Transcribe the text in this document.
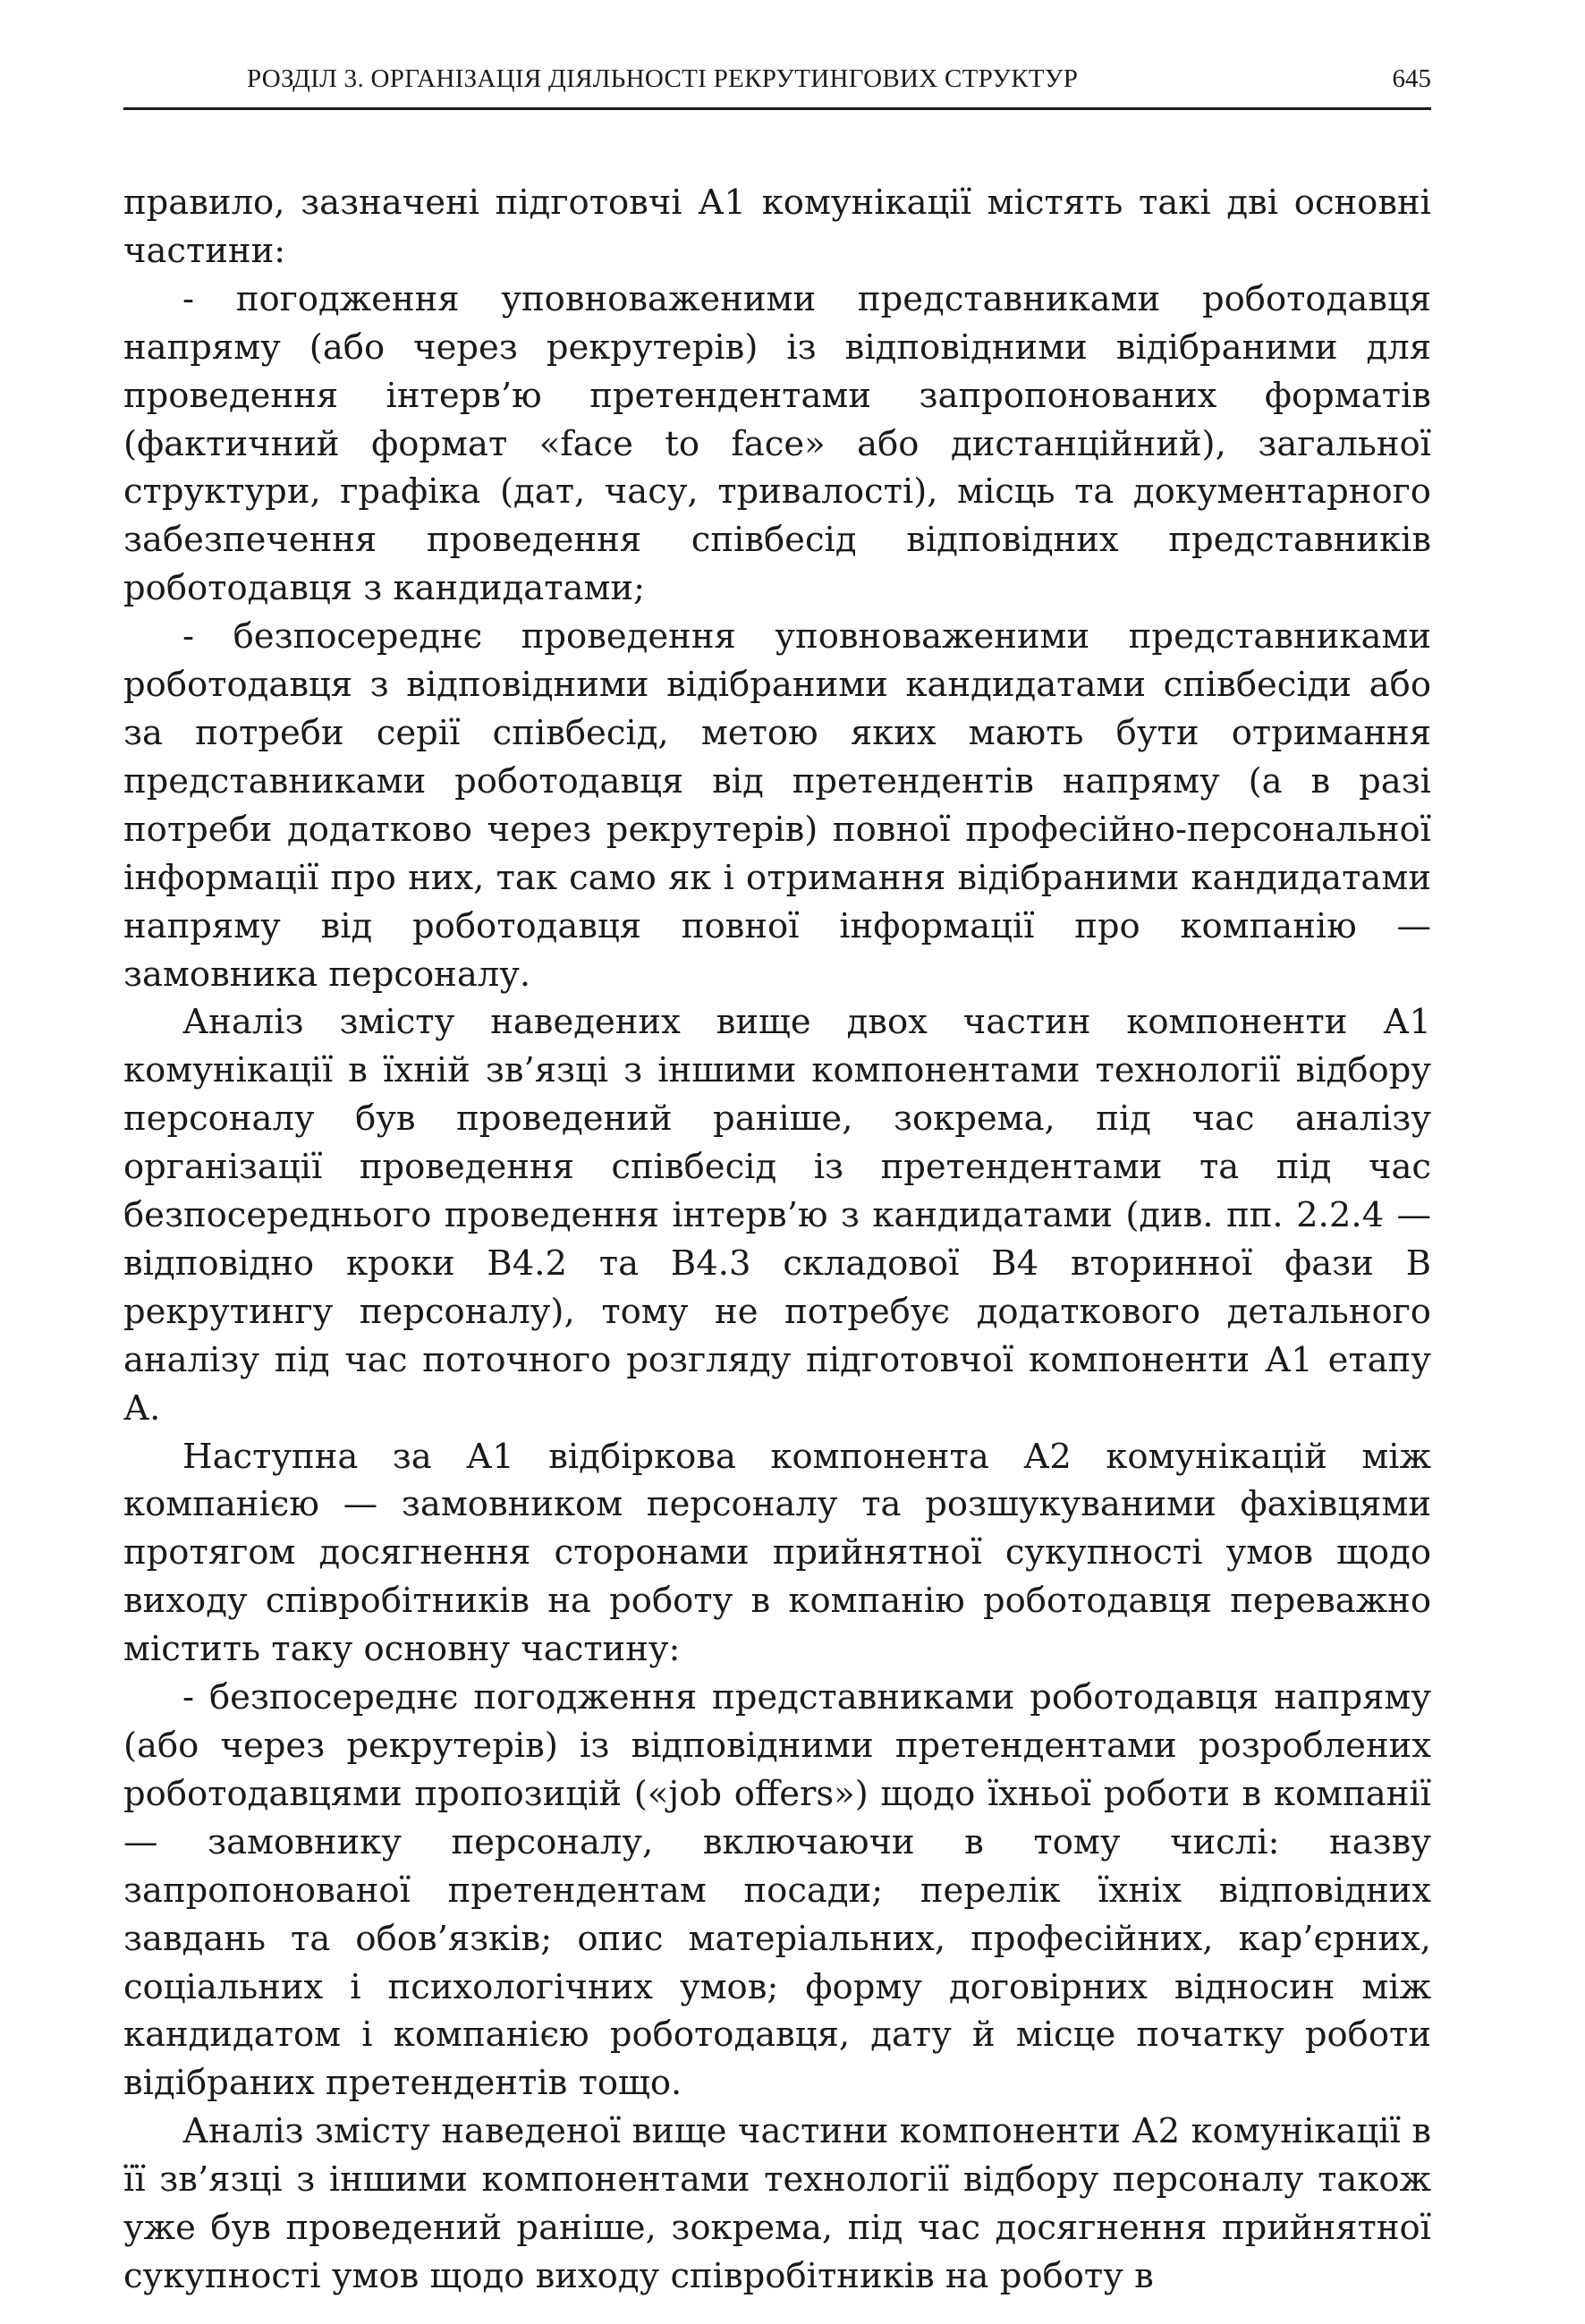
РОЗДІЛ 3. ОРГАНІЗАЦІЯ ДІЯЛЬНОСТІ РЕКРУТИНГОВИХ СТРУКТУР	645

правило, зазначені підготовчі А1 комунікації містять такі дві основні частини:

- погодження уповноваженими представниками роботодавця напряму (або через рекрутерів) із відповідними відібраними для проведення інтерв’ю претендентами запропонованих форматів (фактичний формат «face to face» або дистанційний), загальної структури, графіка (дат, часу, тривалості), місць та документарного забезпечення проведення співбесід відповідних представників роботодавця з кандидатами;

- безпосереднє проведення уповноваженими представниками роботодавця з відповідними відібраними кандидатами співбесіди або за потреби серії співбесід, метою яких мають бути отримання представниками роботодавця від претендентів напряму (а в разі потреби додатково через рекрутерів) повної професійно-персональної інформації про них, так само як і отримання відібраними кандидатами напряму від роботодавця повної інформації про компанію — замовника персоналу.

Аналіз змісту наведених вище двох частин компоненти А1 комунікації в їхній зв’язці з іншими компонентами технології відбору персоналу був проведений раніше, зокрема, під час аналізу організації проведення співбесід із претендентами та під час безпосереднього проведення інтерв’ю з кандидатами (див. пп. 2.2.4 — відповідно кроки В4.2 та В4.3 складової В4 вторинної фази В рекрутингу персоналу), тому не потребує додаткового детального аналізу під час поточного розгляду підготовчої компоненти А1 етапу А.

Наступна за А1 відбіркова компонента А2 комунікацій між компанією — замовником персоналу та розшукуваними фахівцями протягом досягнення сторонами прийнятної сукупності умов щодо виходу співробітників на роботу в компанію роботодавця переважно містить таку основну частину:

- безпосереднє погодження представниками роботодавця напряму (або через рекрутерів) із відповідними претендентами розроблених роботодавцями пропозицій («job offers») щодо їхньої роботи в компанії — замовнику персоналу, включаючи в тому числі: назву запропонованої претендентам посади; перелік їхніх відповідних завдань та обов’язків; опис матеріальних, професійних, кар’єрних, соціальних і психологічних умов; форму договірних відносин між кандидатом і компанією роботодавця, дату й місце початку роботи відібраних претендентів тощо.

Аналіз змісту наведеної вище частини компоненти А2 комунікації в її зв’язці з іншими компонентами технології відбору персоналу також уже був проведений раніше, зокрема, під час досягнення прийнятної сукупності умов щодо виходу співробітників на роботу в
